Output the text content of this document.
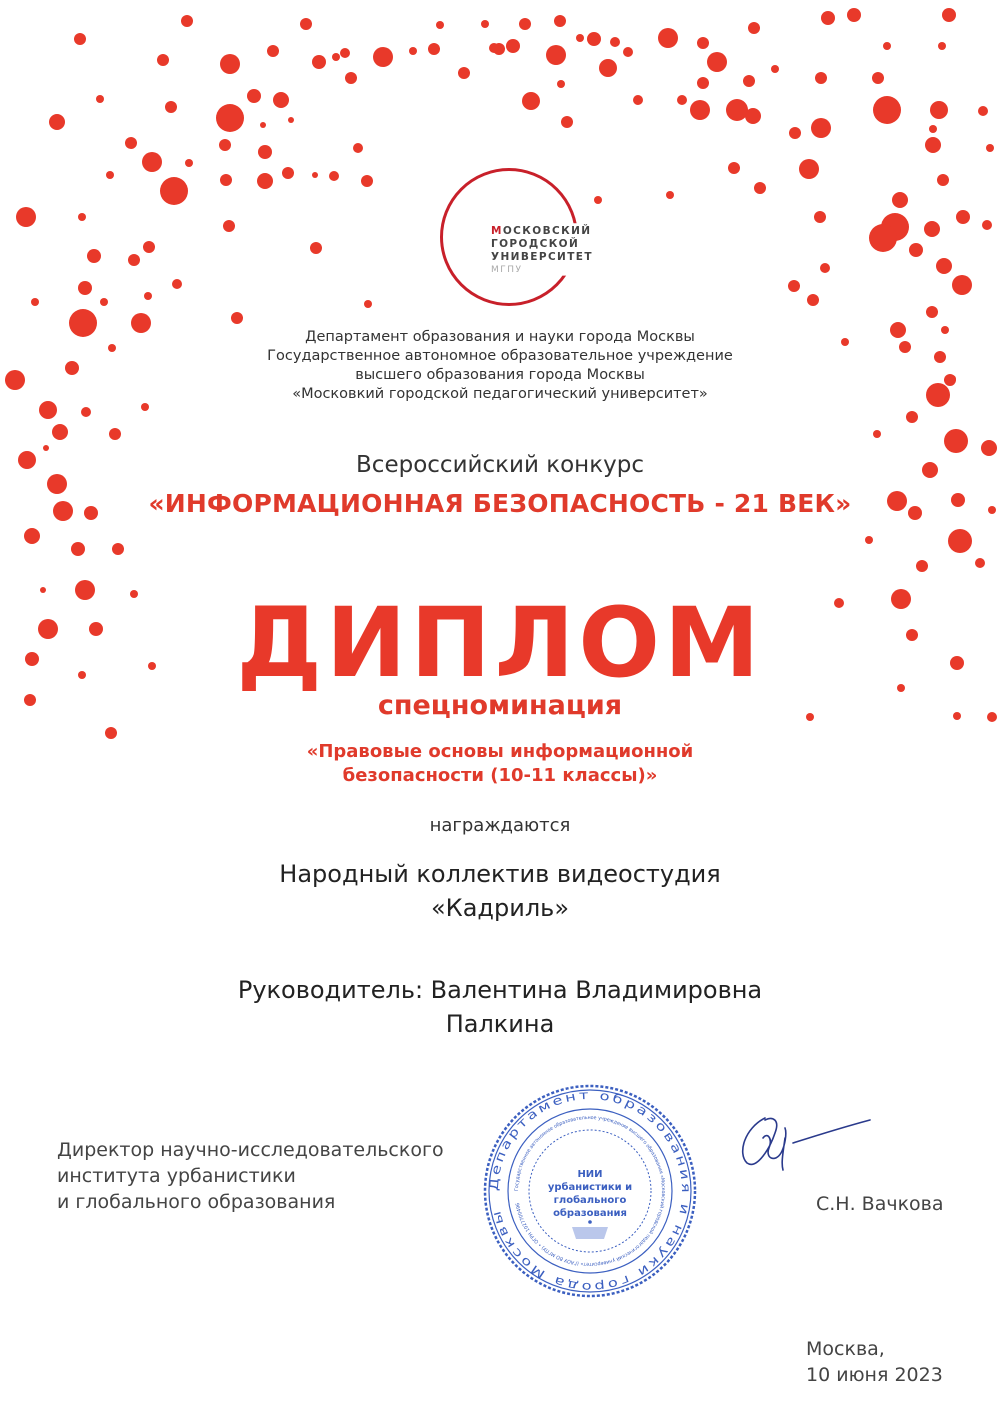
МОСКОВСКИЙ
ГОРОДСКОЙ
УНИВЕРСИТЕТ
МГПУ
Департамент образования и науки города Москвы
Государственное автономное образовательное учреждение
высшего образования города Москвы
«Московкий городской педагогический университет»
Всероссийский конкурс
«ИНФОРМАЦИОННАЯ БЕЗОПАСНОСТЬ - 21 ВЕК»
ДИПЛОМ
спецноминация
«Правовые основы информационной
безопасности (10-11 классы)»
награждаются
Народный коллектив видеостудия
«Кадриль»
Руководитель: Валентина Владимировна
Палкина
Директор научно-исследовательского
института урбанистики
и глобального образования
Департамент образования и науки города Москвы
Государственное автономное образовательное учреждение высшего образования «Московский городской педагогический университет» (ГАОУ ВО МГПУ) • ОГРН 1027700496
НИИ
урбанистики и
глобального
образования	С.Н. Вачкова
Москва,
10 июня 2023
